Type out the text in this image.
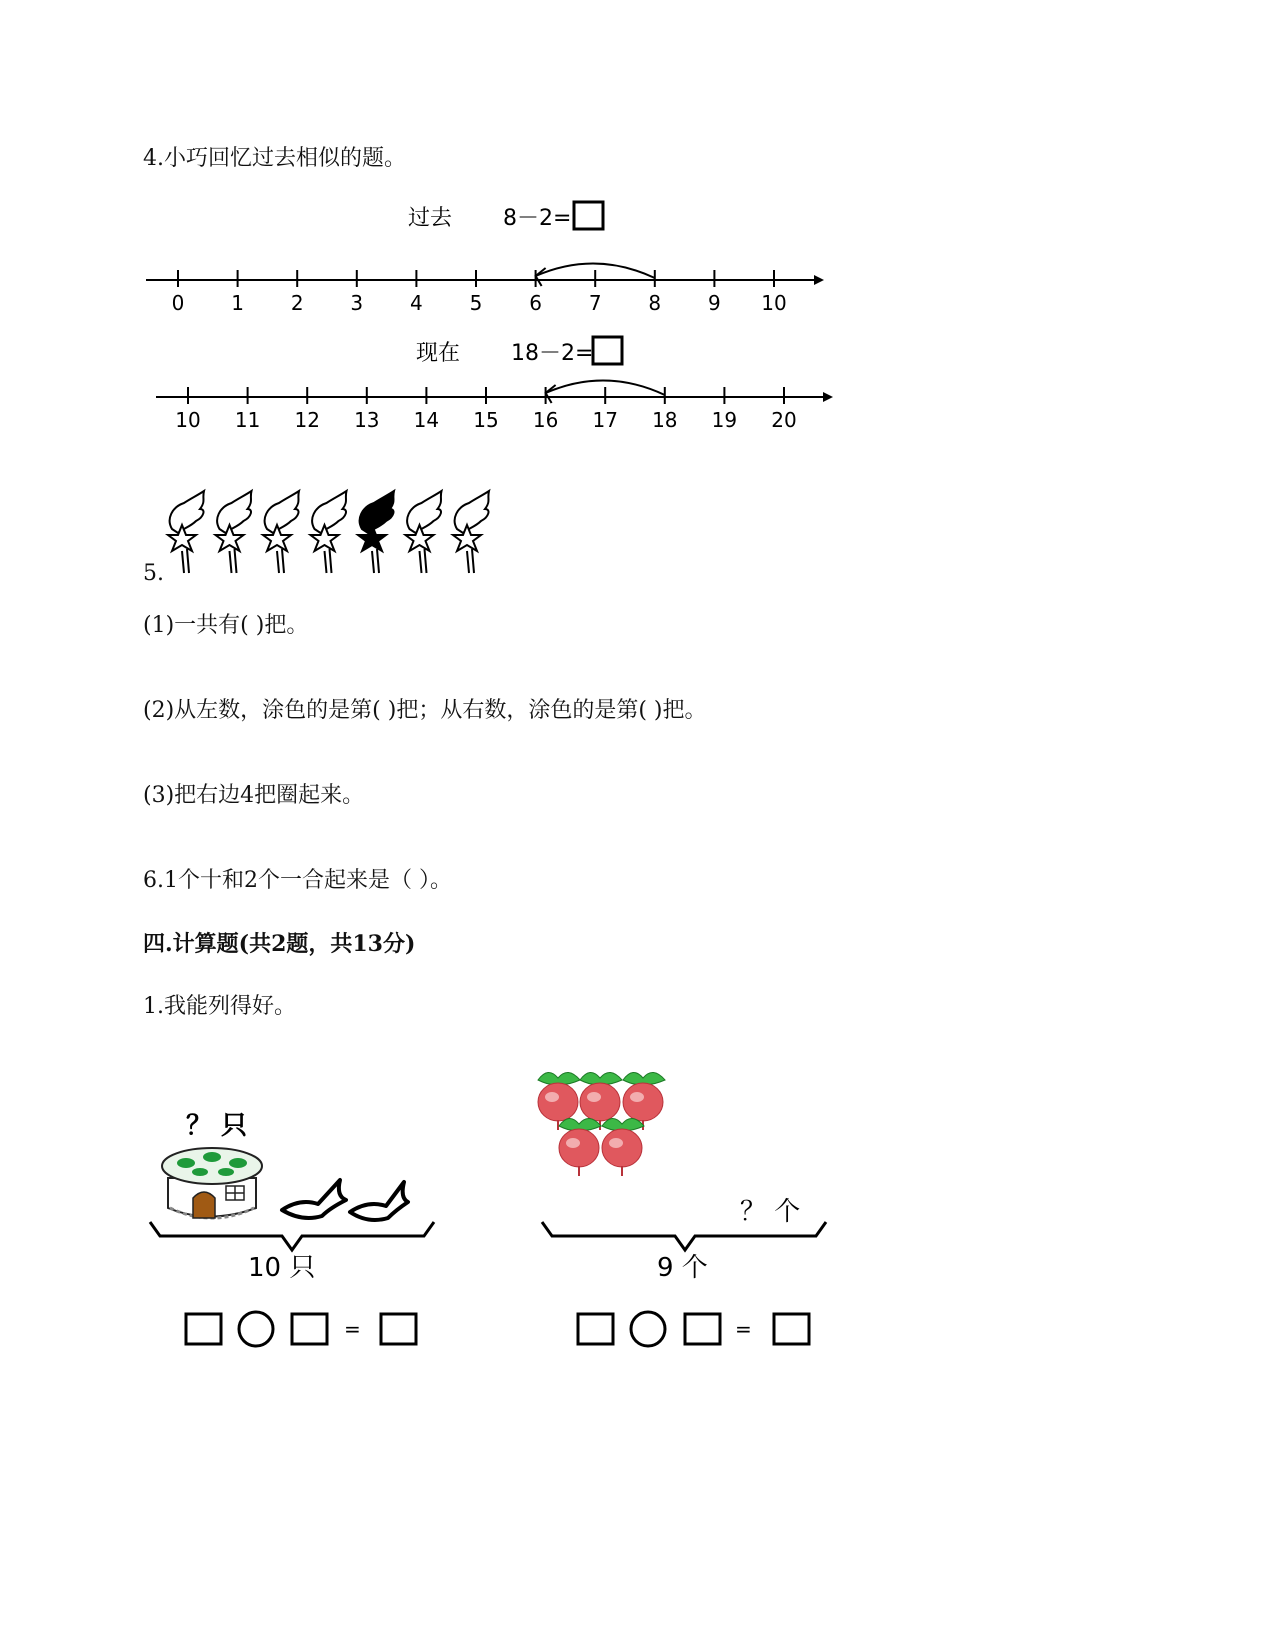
4.小巧回忆过去相似的题。
过去 8－2=
0 1 2 3 4 5 6 7 8 9 10
现在 18－2=
10 11 12 13 14 15 16 17 18 19 20
5.
(1)一共有( )把。
(2)从左数，涂色的是第( )把；从右数，涂色的是第( )把。
(3)把右边4把圈起来。
6.1个十和2个一合起来是（ ）。
四.计算题(共2题，共13分)
1.我能列得好。
？ 只
10 只
=
？ 个
9 个
=
